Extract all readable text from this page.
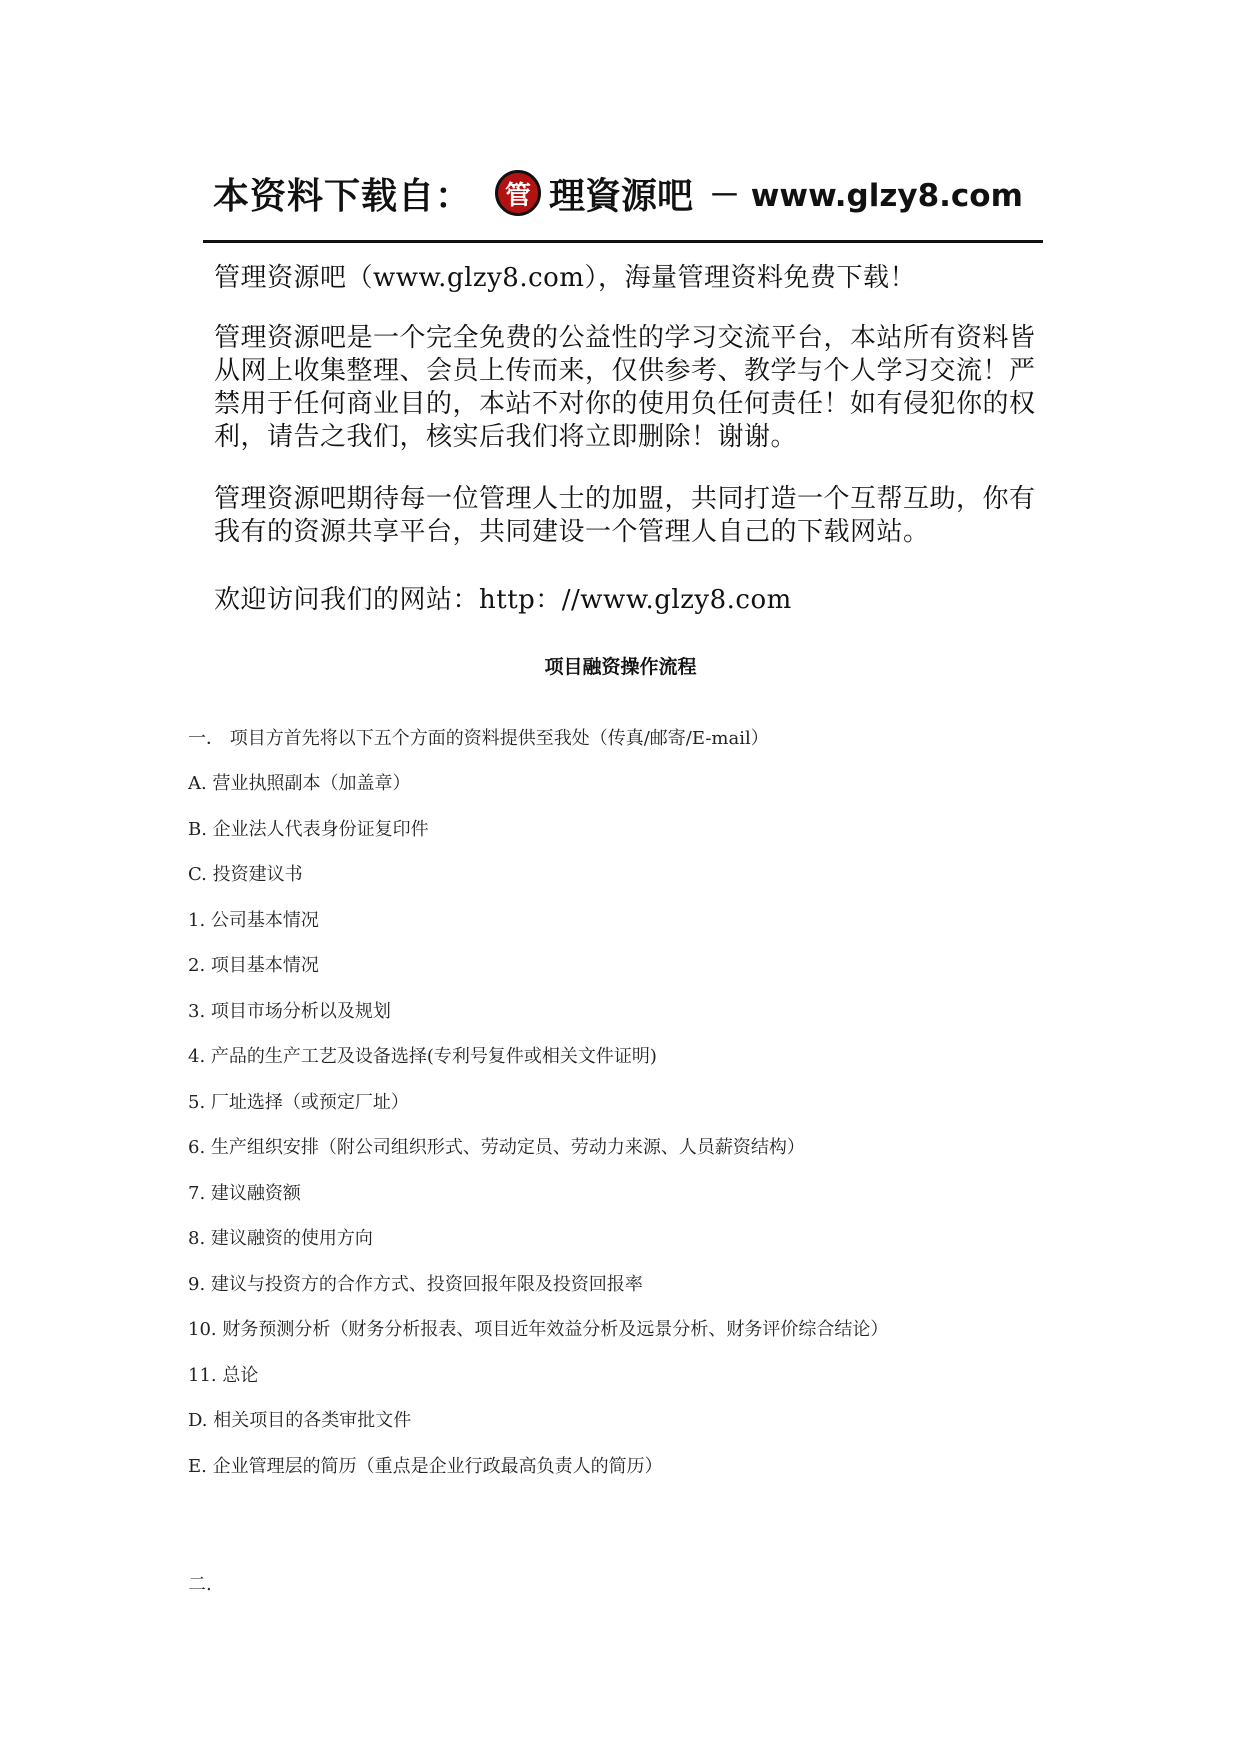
本资料下载自： 管 理資源吧 － www.glzy8.com
管理资源吧（www.glzy8.com），海量管理资料免费下载！
管理资源吧是一个完全免费的公益性的学习交流平台，本站所有资料皆从网上收集整理、会员上传而来，仅供参考、教学与个人学习交流！严禁用于任何商业目的，本站不对你的使用负任何责任！如有侵犯你的权利，请告之我们，核实后我们将立即删除！谢谢。
管理资源吧期待每一位管理人士的加盟，共同打造一个互帮互助，你有我有的资源共享平台，共同建设一个管理人自己的下载网站。
欢迎访问我们的网站：http：//www.glzy8.com
项目融资操作流程
一． 项目方首先将以下五个方面的资料提供至我处（传真/邮寄/E-mail）
A. 营业执照副本（加盖章）
B. 企业法人代表身份证复印件
C. 投资建议书
1. 公司基本情况
2. 项目基本情况
3. 项目市场分析以及规划
4. 产品的生产工艺及设备选择(专利号复件或相关文件证明)
5. 厂址选择（或预定厂址）
6. 生产组织安排（附公司组织形式、劳动定员、劳动力来源、人员薪资结构）
7. 建议融资额
8. 建议融资的使用方向
9. 建议与投资方的合作方式、投资回报年限及投资回报率
10. 财务预测分析（财务分析报表、项目近年效益分析及远景分析、财务评价综合结论）
11. 总论
D. 相关项目的各类审批文件
E. 企业管理层的简历（重点是企业行政最高负责人的简历）
二.
